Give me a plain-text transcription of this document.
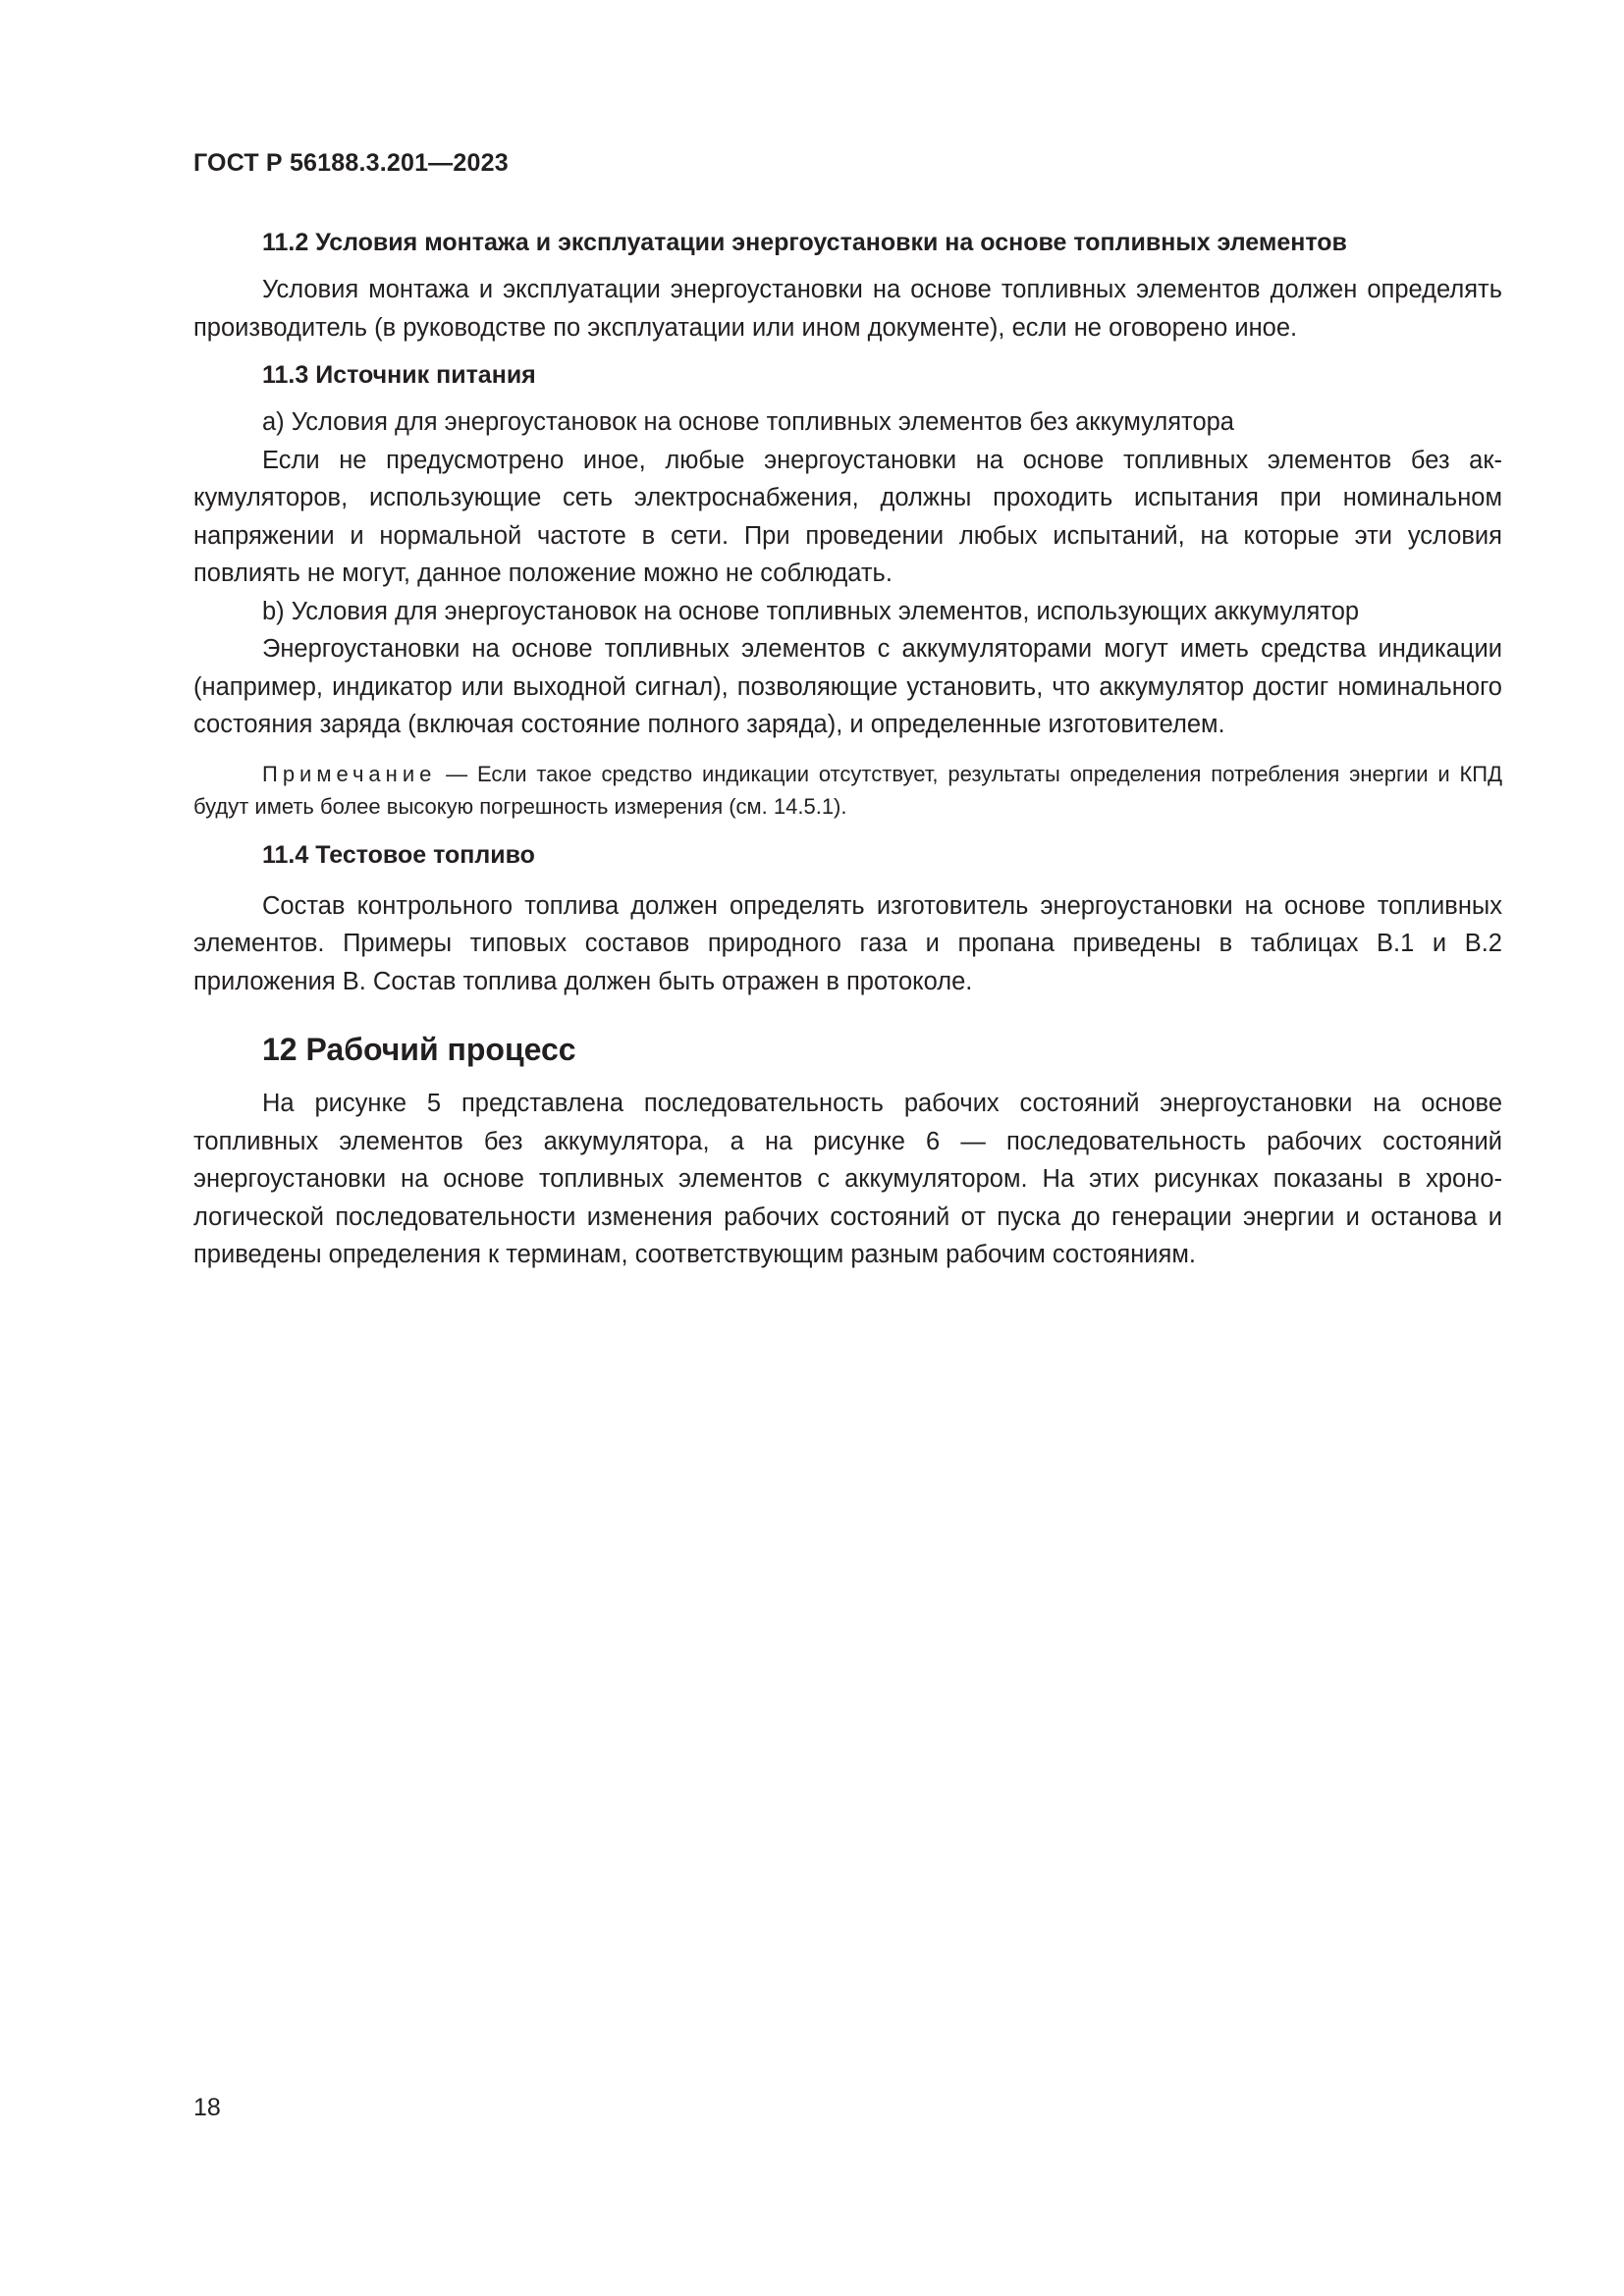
ГОСТ Р 56188.3.201—2023
11.2 Условия монтажа и эксплуатации энергоустановки на основе топливных элементов

Условия монтажа и эксплуатации энергоустановки на основе топливных элементов должен определять производитель (в руководстве по эксплуатации или ином документе), если не оговорено иное.

11.3 Источник питания

a) Условия для энергоустановок на основе топливных элементов без аккумулятора

Если не предусмотрено иное, любые энергоустановки на основе топливных элементов без аккумуляторов, использующие сеть электроснабжения, должны проходить испытания при номинальном напряжении и нормальной частоте в сети. При проведении любых испытаний, на которые эти условия повлиять не могут, данное положение можно не соблюдать.

b) Условия для энергоустановок на основе топливных элементов, использующих аккумулятор

Энергоустановки на основе топливных элементов с аккумуляторами могут иметь средства индикации (например, индикатор или выходной сигнал), позволяющие установить, что аккумулятор достиг номинального состояния заряда (включая состояние полного заряда), и определенные изготовителем.

Примечание — Если такое средство индикации отсутствует, результаты определения потребления энергии и КПД будут иметь более высокую погрешность измерения (см. 14.5.1).

11.4 Тестовое топливо

Состав контрольного топлива должен определять изготовитель энергоустановки на основе топливных элементов. Примеры типовых составов природного газа и пропана приведены в таблицах В.1 и В.2 приложения В. Состав топлива должен быть отражен в протоколе.

12 Рабочий процесс

На рисунке 5 представлена последовательность рабочих состояний энергоустановки на основе топливных элементов без аккумулятора, а на рисунке 6 — последовательность рабочих состояний энергоустановки на основе топливных элементов с аккумулятором. На этих рисунках показаны в хронологической последовательности изменения рабочих состояний от пуска до генерации энергии и останова и приведены определения к терминам, соответствующим разным рабочим состояниям.

18
